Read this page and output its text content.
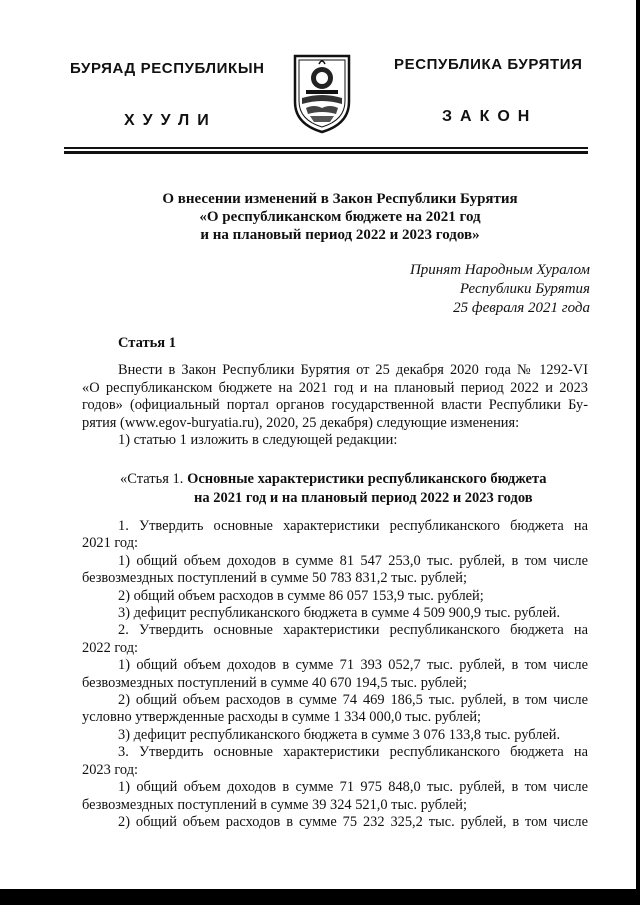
БУРЯАД РЕСПУБЛИКЫН
ХУУЛИ
РЕСПУБЛИКА БУРЯТИЯ
ЗАКОН
О внесении изменений в Закон Республики Бурятия
«О республиканском бюджете на 2021 год
и на плановый период 2022 и 2023 годов»
Принят Народным Хуралом
Республики Бурятия
25 февраля 2021 года
Статья 1
Внести в Закон Республики Бурятия от 25 декабря 2020 года № 1292-VI
«О республиканском бюджете на 2021 год и на плановый период 2022 и 2023
годов» (официальный портал органов государственной власти Республики Бу-
рятия (www.egov-buryatia.ru), 2020, 25 декабря) следующие изменения:
1) статью 1 изложить в следующей редакции:
«Статья 1. Основные характеристики республиканского бюджета
на 2021 год и на плановый период 2022 и 2023 годов
1. Утвердить основные характеристики республиканского бюджета на
2021 год:
1) общий объем доходов в сумме 81 547 253,0 тыс. рублей, в том числе
безвозмездных поступлений в сумме 50 783 831,2 тыс. рублей;
2) общий объем расходов в сумме 86 057 153,9 тыс. рублей;
3) дефицит республиканского бюджета в сумме 4 509 900,9 тыс. рублей.
2. Утвердить основные характеристики республиканского бюджета на
2022 год:
1) общий объем доходов в сумме 71 393 052,7 тыс. рублей, в том числе
безвозмездных поступлений в сумме 40 670 194,5 тыс. рублей;
2) общий объем расходов в сумме 74 469 186,5 тыс. рублей, в том числе
условно утвержденные расходы в сумме 1 334 000,0 тыс. рублей;
3) дефицит республиканского бюджета в сумме 3 076 133,8 тыс. рублей.
3. Утвердить основные характеристики республиканского бюджета на
2023 год:
1) общий объем доходов в сумме 71 975 848,0 тыс. рублей, в том числе
безвозмездных поступлений в сумме 39 324 521,0 тыс. рублей;
2) общий объем расходов в сумме 75 232 325,2 тыс. рублей, в том числе
